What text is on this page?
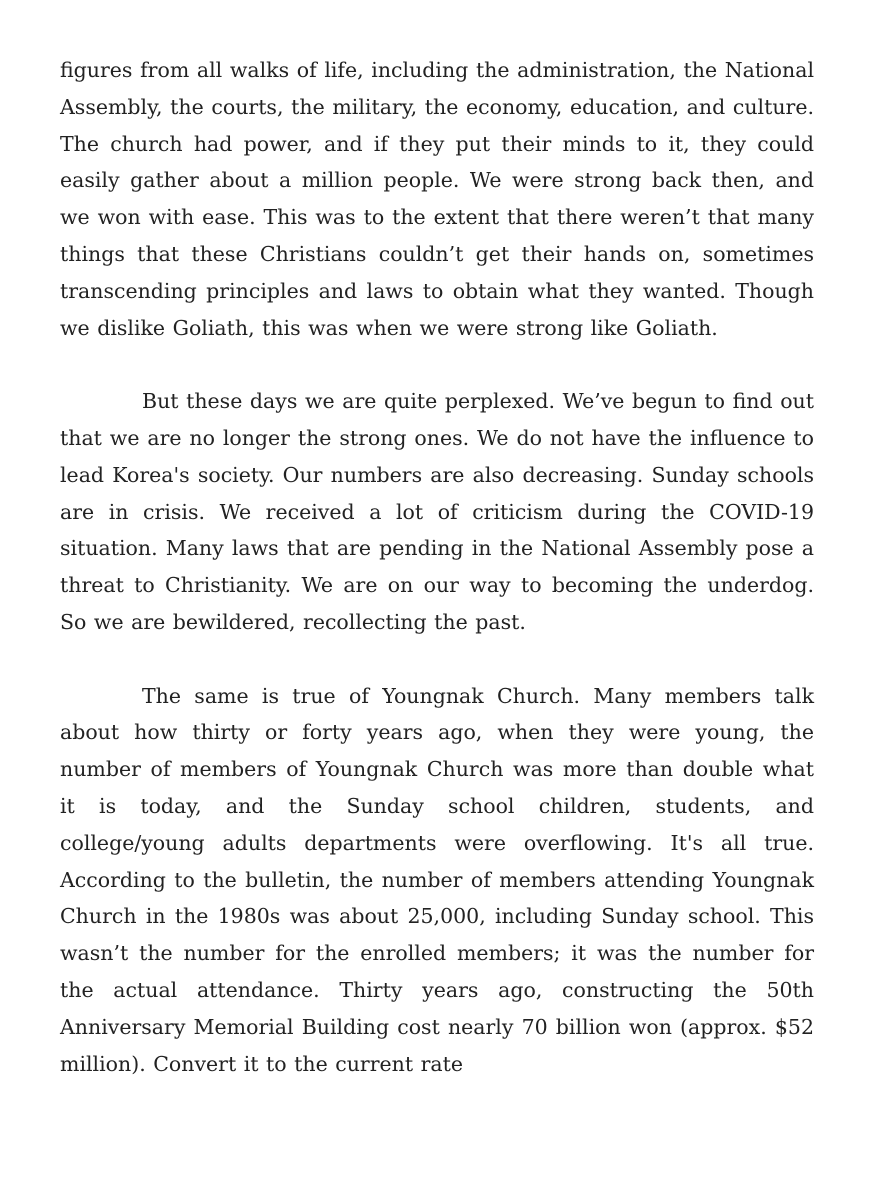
figures from all walks of life, including the administration, the National Assembly, the courts, the military, the economy, education, and culture. The church had power, and if they put their minds to it, they could easily gather about a million people. We were strong back then, and we won with ease. This was to the extent that there weren’t that many things that these Christians couldn’t get their hands on, sometimes transcending principles and laws to obtain what they wanted. Though we dislike Goliath, this was when we were strong like Goliath.

But these days we are quite perplexed. We’ve begun to find out that we are no longer the strong ones. We do not have the influence to lead Korea's society. Our numbers are also decreasing. Sunday schools are in crisis. We received a lot of criticism during the COVID-19 situation. Many laws that are pending in the National Assembly pose a threat to Christianity. We are on our way to becoming the underdog. So we are bewildered, recollecting the past.

The same is true of Youngnak Church. Many members talk about how thirty or forty years ago, when they were young, the number of members of Youngnak Church was more than double what it is today, and the Sunday school children, students, and college/young adults departments were overflowing. It's all true. According to the bulletin, the number of members attending Youngnak Church in the 1980s was about 25,000, including Sunday school. This wasn’t the number for the enrolled members; it was the number for the actual attendance. Thirty years ago, constructing the 50th Anniversary Memorial Building cost nearly 70 billion won (approx. $52 million). Convert it to the current rate
